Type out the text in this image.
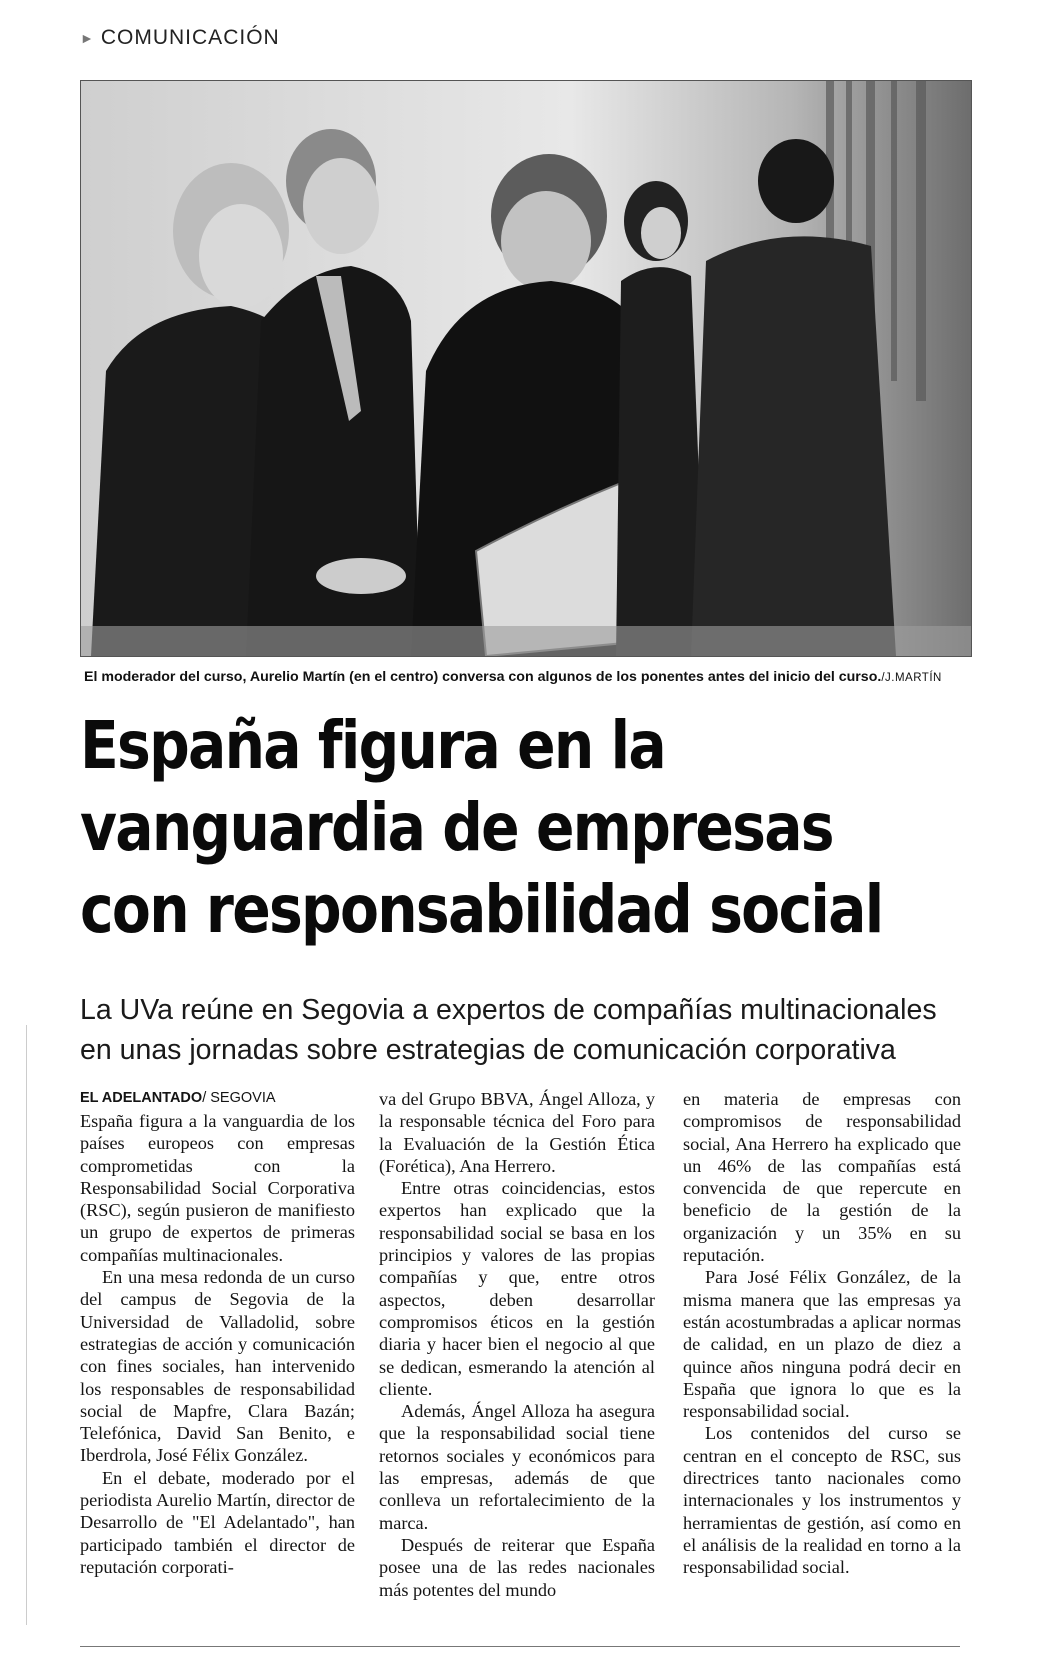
► COMUNICACIÓN
El moderador del curso, Aurelio Martín (en el centro) conversa con algunos de los ponentes antes del inicio del curso./J.MARTÍN
España figura en la
vanguardia de empresas
con responsabilidad social
La UVa reúne en Segovia a expertos de compañías multinacionales
en unas jornadas sobre estrategias de comunicación corporativa
EL ADELANTADO/ SEGOVIA

España figura a la vanguardia de los países europeos con empresas comprometidas con la Responsabilidad Social Corporativa (RSC), según pusieron de manifiesto un grupo de expertos de primeras compañías multinacionales.

En una mesa redonda de un curso del campus de Segovia de la Universidad de Valladolid, sobre estrategias de acción y comunicación con fines sociales, han intervenido los responsables de responsabilidad social de Mapfre, Clara Bazán; Telefónica, David San Benito, e Iberdrola, José Félix González.

En el debate, moderado por el periodista Aurelio Martín, director de Desarrollo de "El Adelantado", han participado también el director de reputación corporati-

va del Grupo BBVA, Ángel Alloza, y la responsable técnica del Foro para la Evaluación de la Gestión Ética (Forética), Ana Herrero.

Entre otras coincidencias, estos expertos han explicado que la responsabilidad social se basa en los principios y valores de las propias compañías y que, entre otros aspectos, deben desarrollar compromisos éticos en la gestión diaria y hacer bien el negocio al que se dedican, esmerando la atención al cliente.

Además, Ángel Alloza ha asegura que la responsabilidad social tiene retornos sociales y económicos para las empresas, además de que conlleva un refortalecimiento de la marca.

Después de reiterar que España posee una de las redes nacionales más potentes del mundo

en materia de empresas con compromisos de responsabilidad social, Ana Herrero ha explicado que un 46% de las compañías está convencida de que repercute en beneficio de la gestión de la organización y un 35% en su reputación.

Para José Félix González, de la misma manera que las empresas ya están acostumbradas a aplicar normas de calidad, en un plazo de diez a quince años ninguna podrá decir en España que ignora lo que es la responsabilidad social.

Los contenidos del curso se centran en el concepto de RSC, sus directrices tanto nacionales como internacionales y los instrumentos y herramientas de gestión, así como en el análisis de la realidad en torno a la responsabilidad social.
